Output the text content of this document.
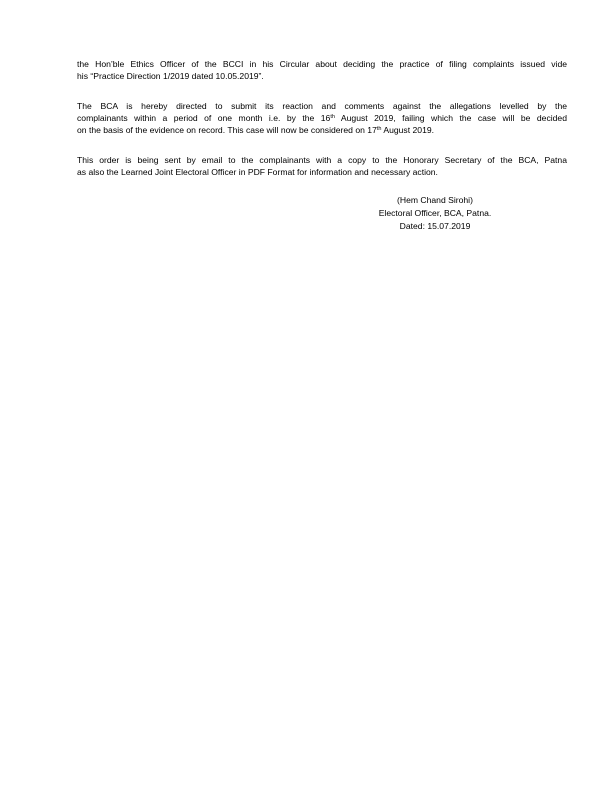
the Hon’ble Ethics Officer of the BCCI in his Circular about deciding the practice of filing complaints issued vide
his “Practice Direction 1/2019 dated 10.05.2019”.

The BCA is hereby directed to submit its reaction and comments against the allegations levelled by the
complainants within a period of one month i.e. by the 16th August 2019, failing which the case will be decided
on the basis of the evidence on record. This case will now be considered on 17th August 2019.

This order is being sent by email to the complainants with a copy to the Honorary Secretary of the BCA, Patna
as also the Learned Joint Electoral Officer in PDF Format for information and necessary action.

(Hem Chand Sirohi)
Electoral Officer, BCA, Patna.
Dated: 15.07.2019
